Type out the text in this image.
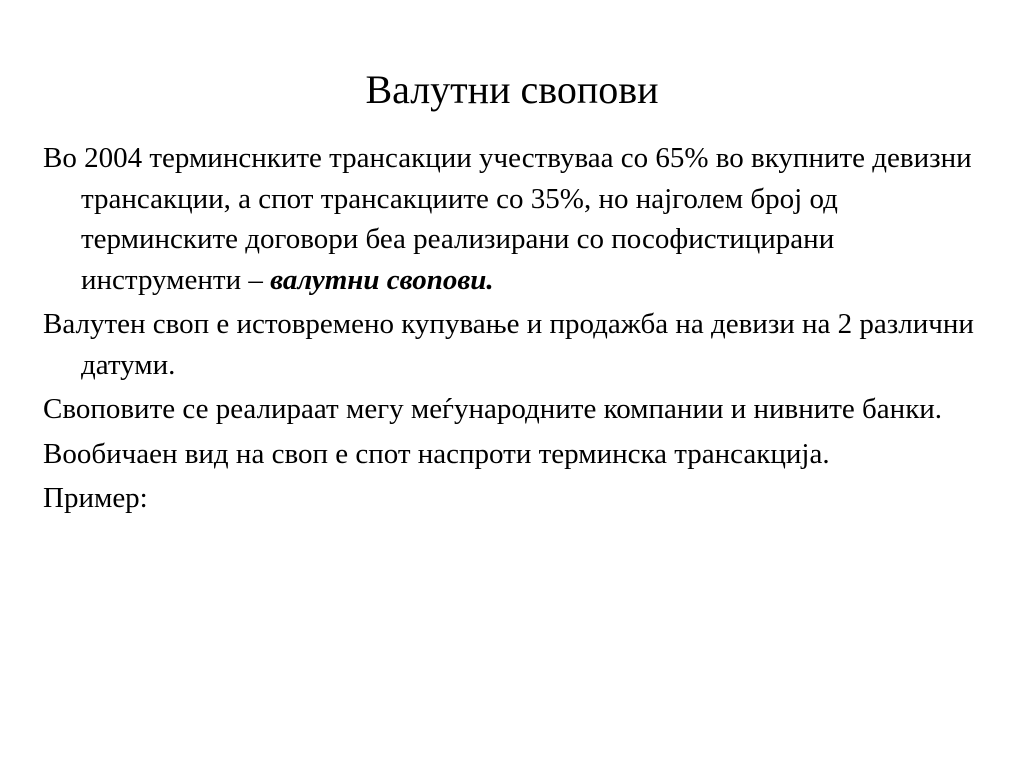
Валутни свопови
Во 2004 терминснките трансакции учествуваа со 65% во вкупните девизни трансакции, а спот трансакциите со 35%, но најголем број од терминските договори беа реализирани со пософистицирани инструменти – валутни свопови.
Валутен своп е истовремено купување и продажба на девизи на 2 различни датуми.
Своповите се реалираат мегу меѓународните компании и нивните банки.
Вообичаен вид на своп е спот наспроти терминска трансакција.
Пример:
